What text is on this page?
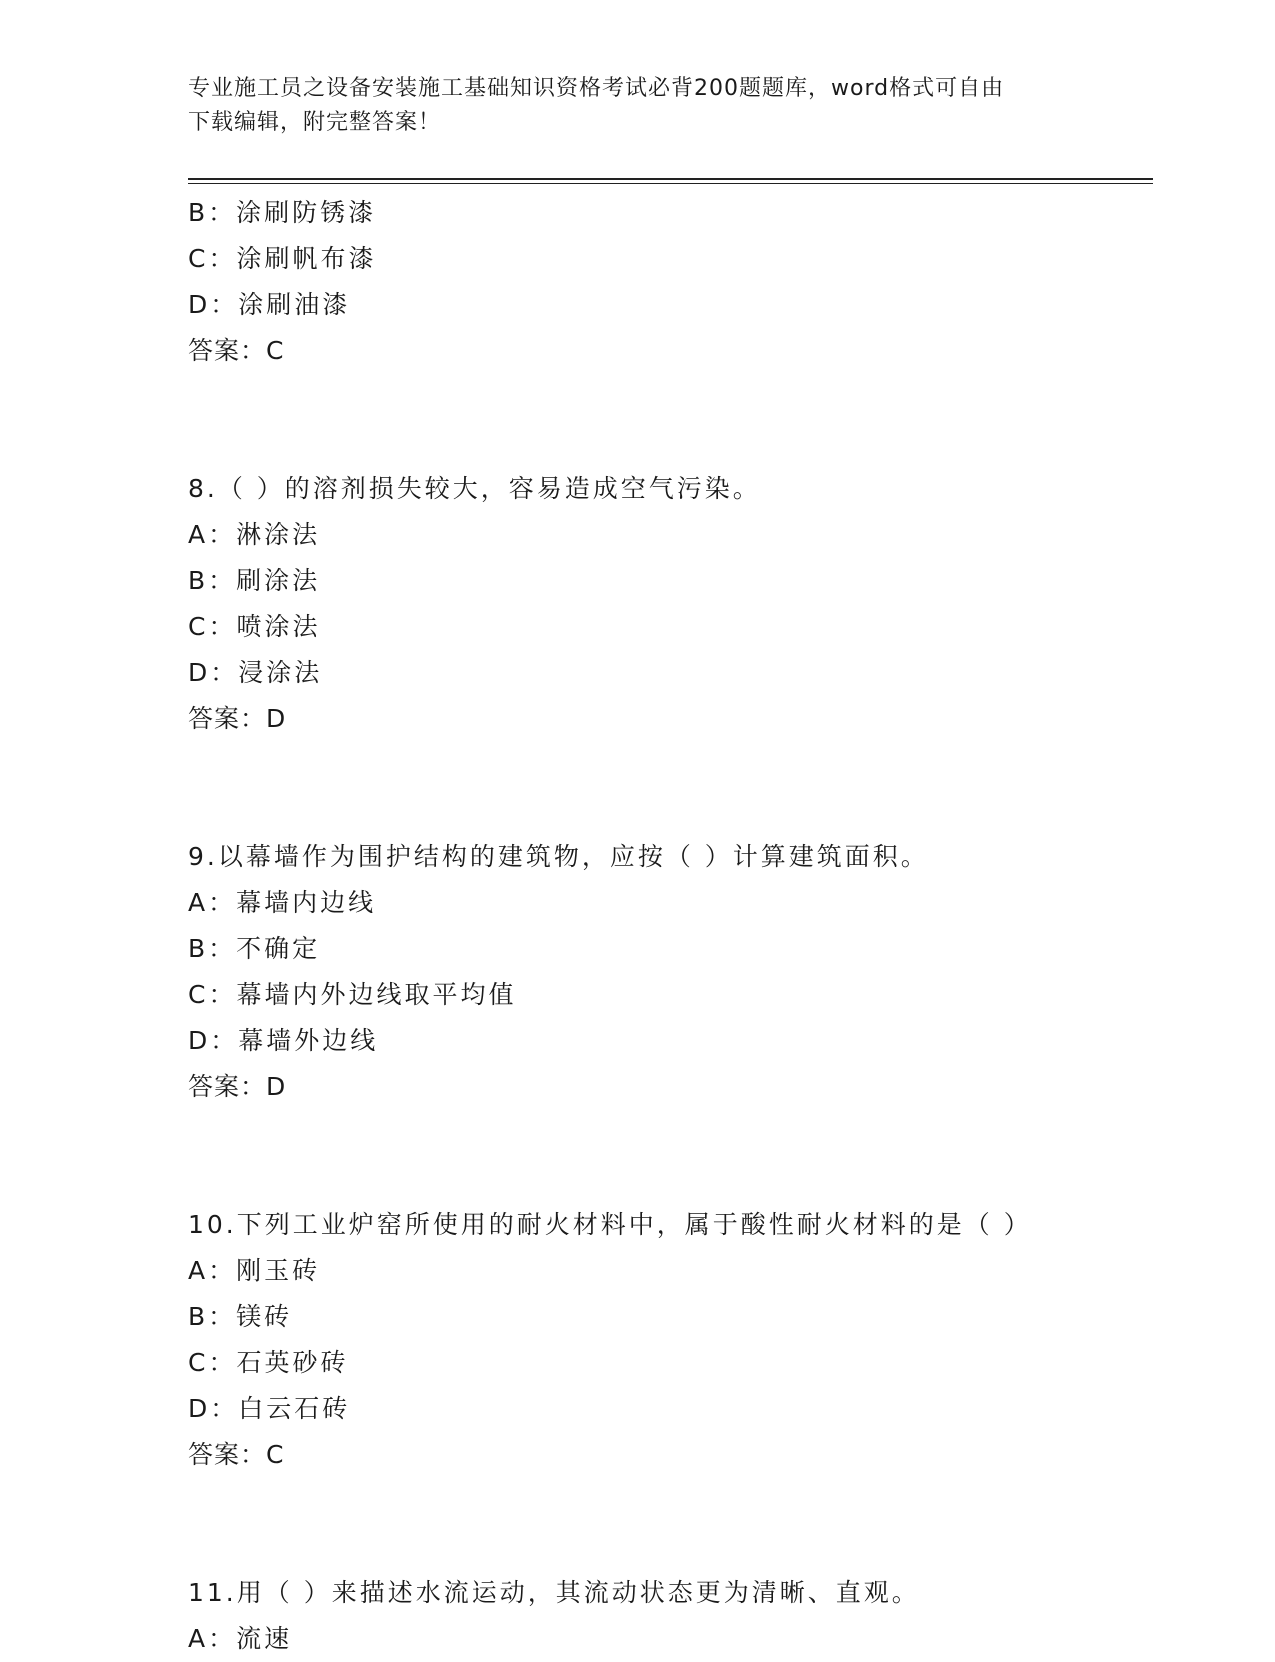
专业施工员之设备安装施工基础知识资格考试必背200题题库，word格式可自由
下载编辑，附完整答案！
B：涂刷防锈漆
C：涂刷帆布漆
D：涂刷油漆
答案：C
8.（ ）的溶剂损失较大，容易造成空气污染。
A：淋涂法
B：刷涂法
C：喷涂法
D：浸涂法
答案：D
9.以幕墙作为围护结构的建筑物，应按（ ）计算建筑面积。
A：幕墙内边线
B：不确定
C：幕墙内外边线取平均值
D：幕墙外边线
答案：D
10.下列工业炉窑所使用的耐火材料中，属于酸性耐火材料的是（ ）
A：刚玉砖
B：镁砖
C：石英砂砖
D：白云石砖
答案：C
11.用（ ）来描述水流运动，其流动状态更为清晰、直观。
A：流速
